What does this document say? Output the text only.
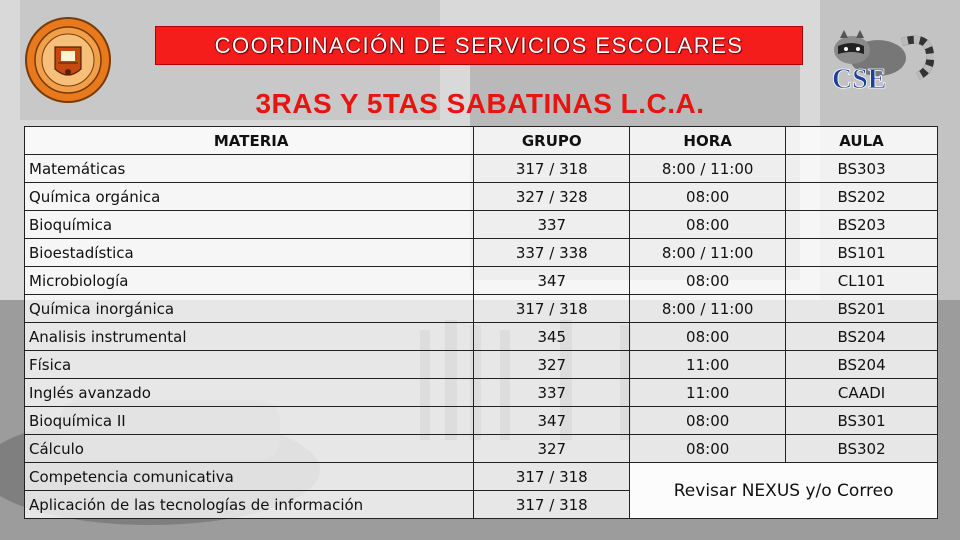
CSE
COORDINACIÓN DE SERVICIOS ESCOLARES
3RAS Y 5TAS SABATINAS L.C.A.
MATERIA	GRUPO	HORA	AULA
Matemáticas	317 / 318	8:00 / 11:00	BS303
Química orgánica	327 / 328	08:00	BS202
Bioquímica	337	08:00	BS203
Bioestadística	337 / 338	8:00 / 11:00	BS101
Microbiología	347	08:00	CL101
Química inorgánica	317 / 318	8:00 / 11:00	BS201
Analisis instrumental	345	08:00	BS204
Física	327	11:00	BS204
Inglés avanzado	337	11:00	CAADI
Bioquímica II	347	08:00	BS301
Cálculo	327	08:00	BS302
Competencia comunicativa	317 / 318	Revisar NEXUS y/o Correo	
Aplicación de las tecnologías de información	317 / 318		
